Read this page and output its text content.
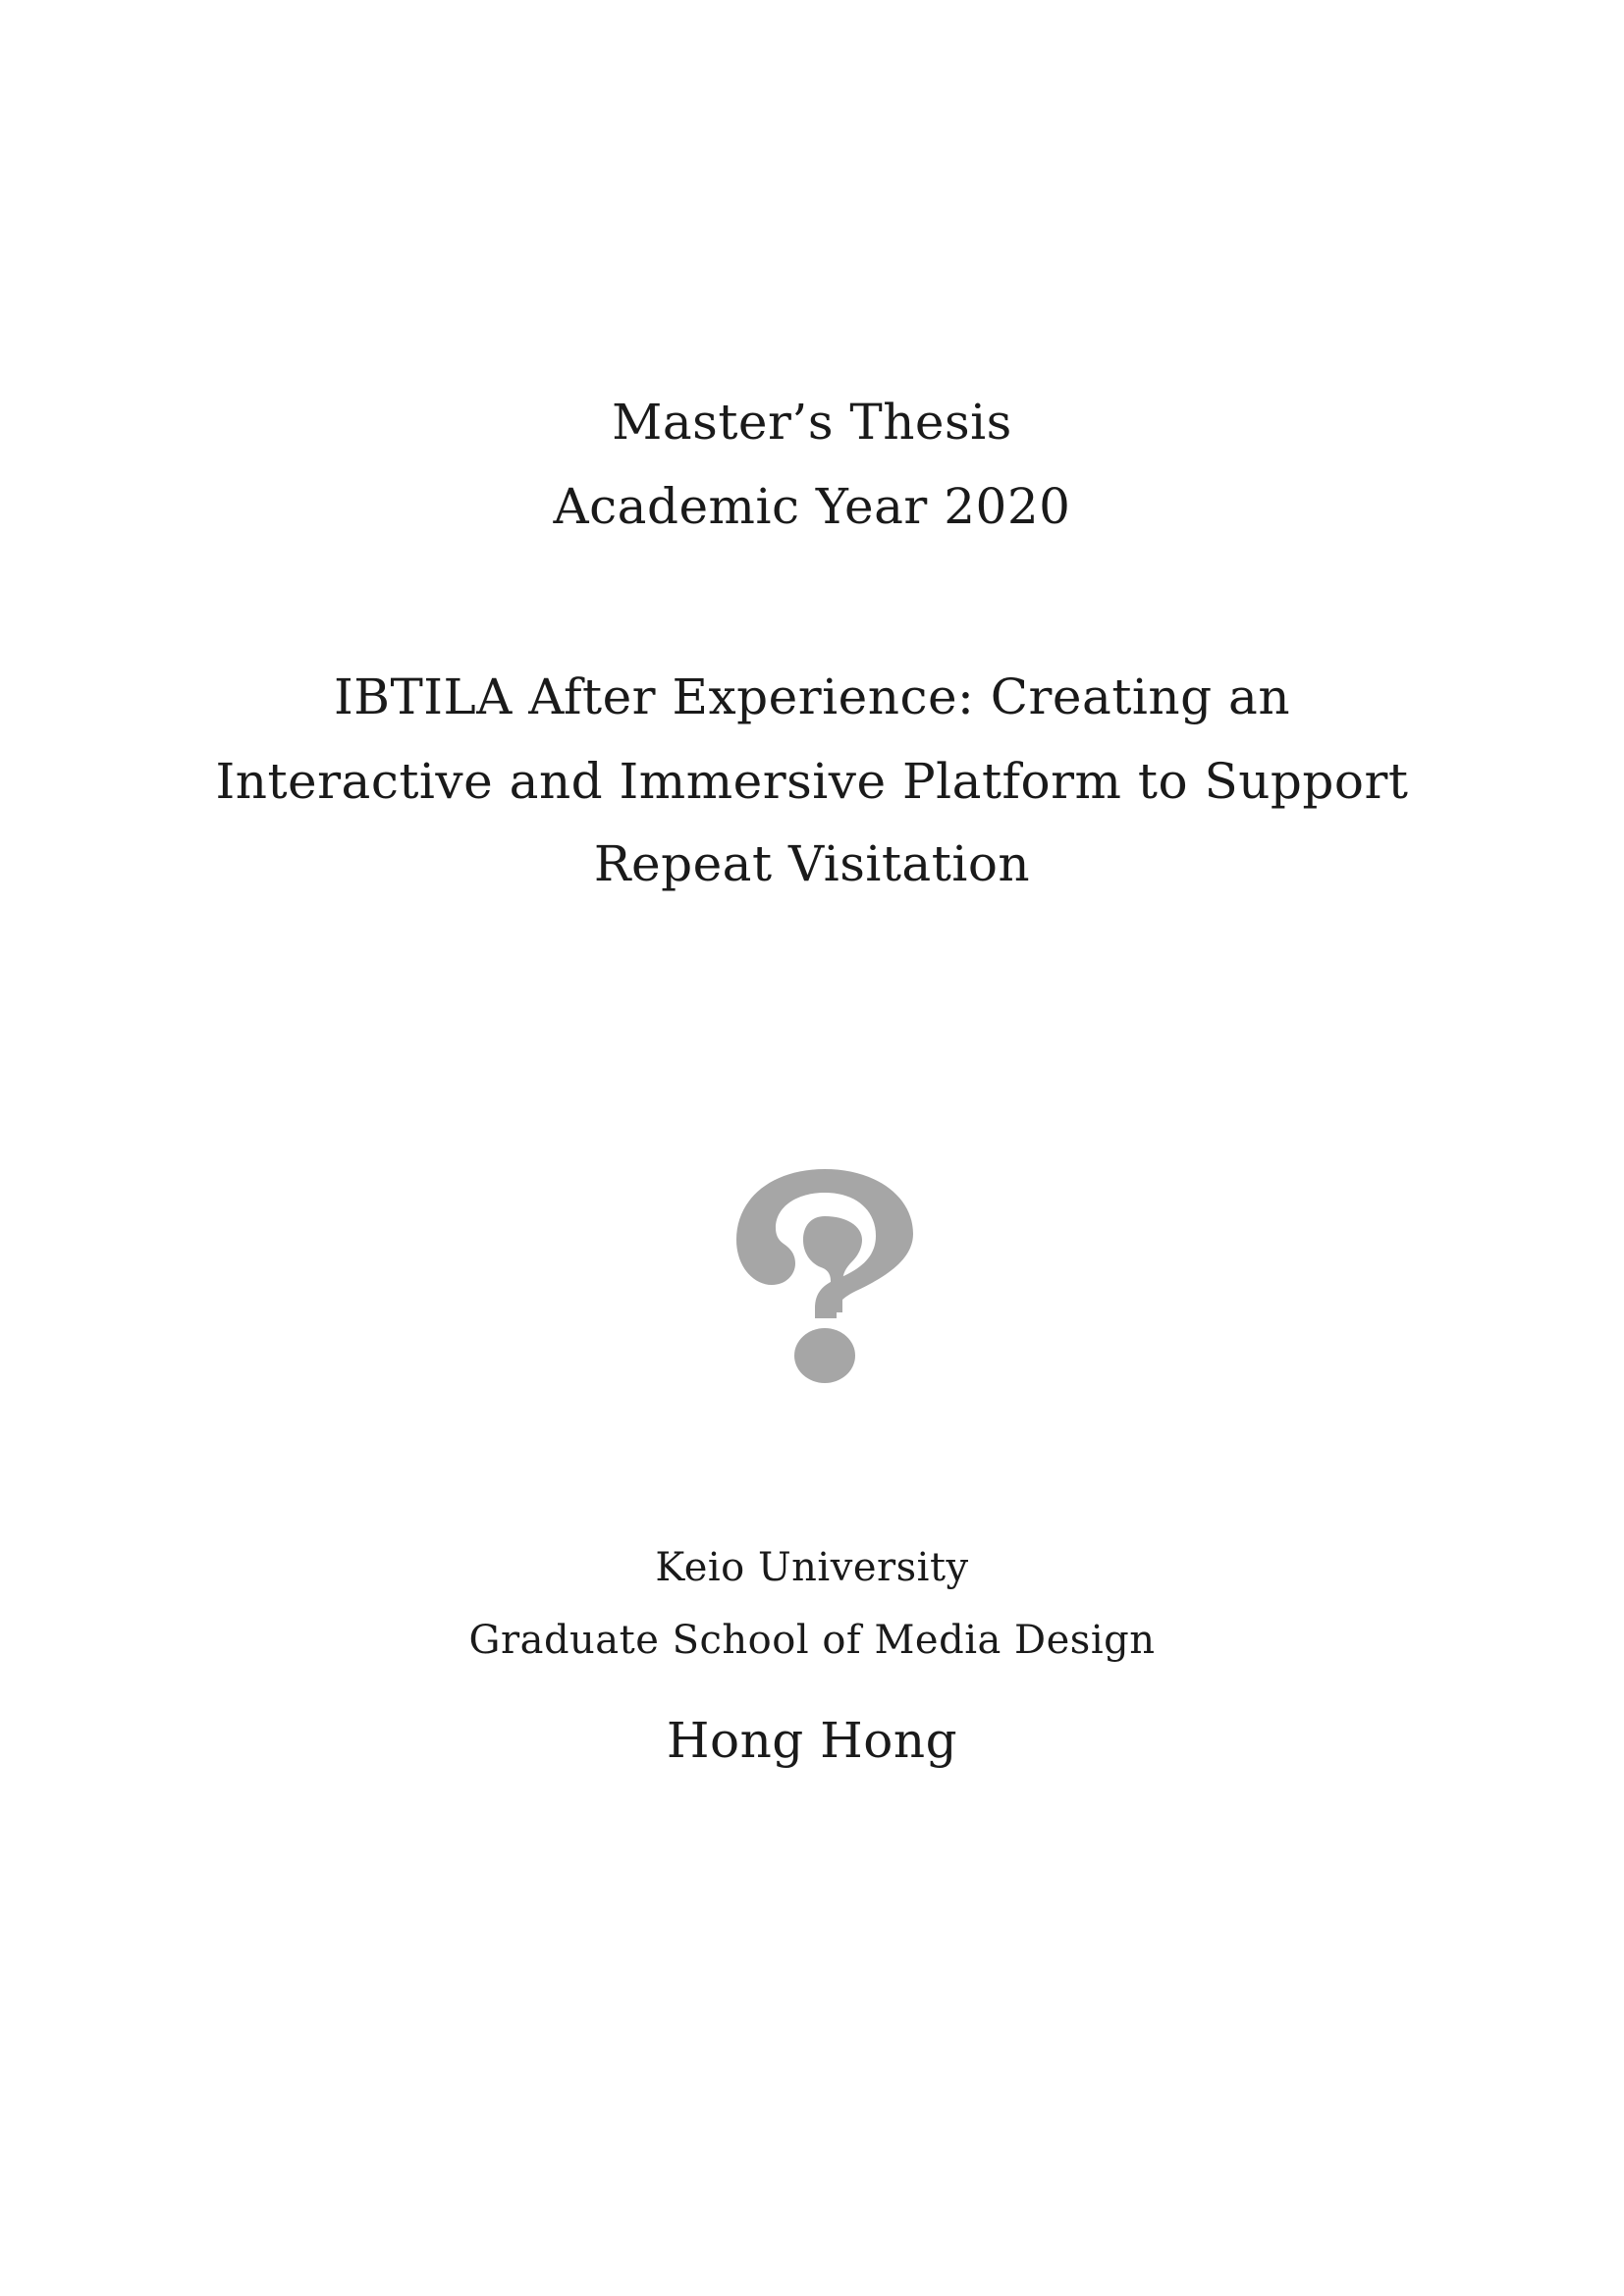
Master’s Thesis
Academic Year 2020
IBTILA After Experience: Creating an
Interactive and Immersive Platform to Support
Repeat Visitation
Keio University
Graduate School of Media Design
Hong Hong
